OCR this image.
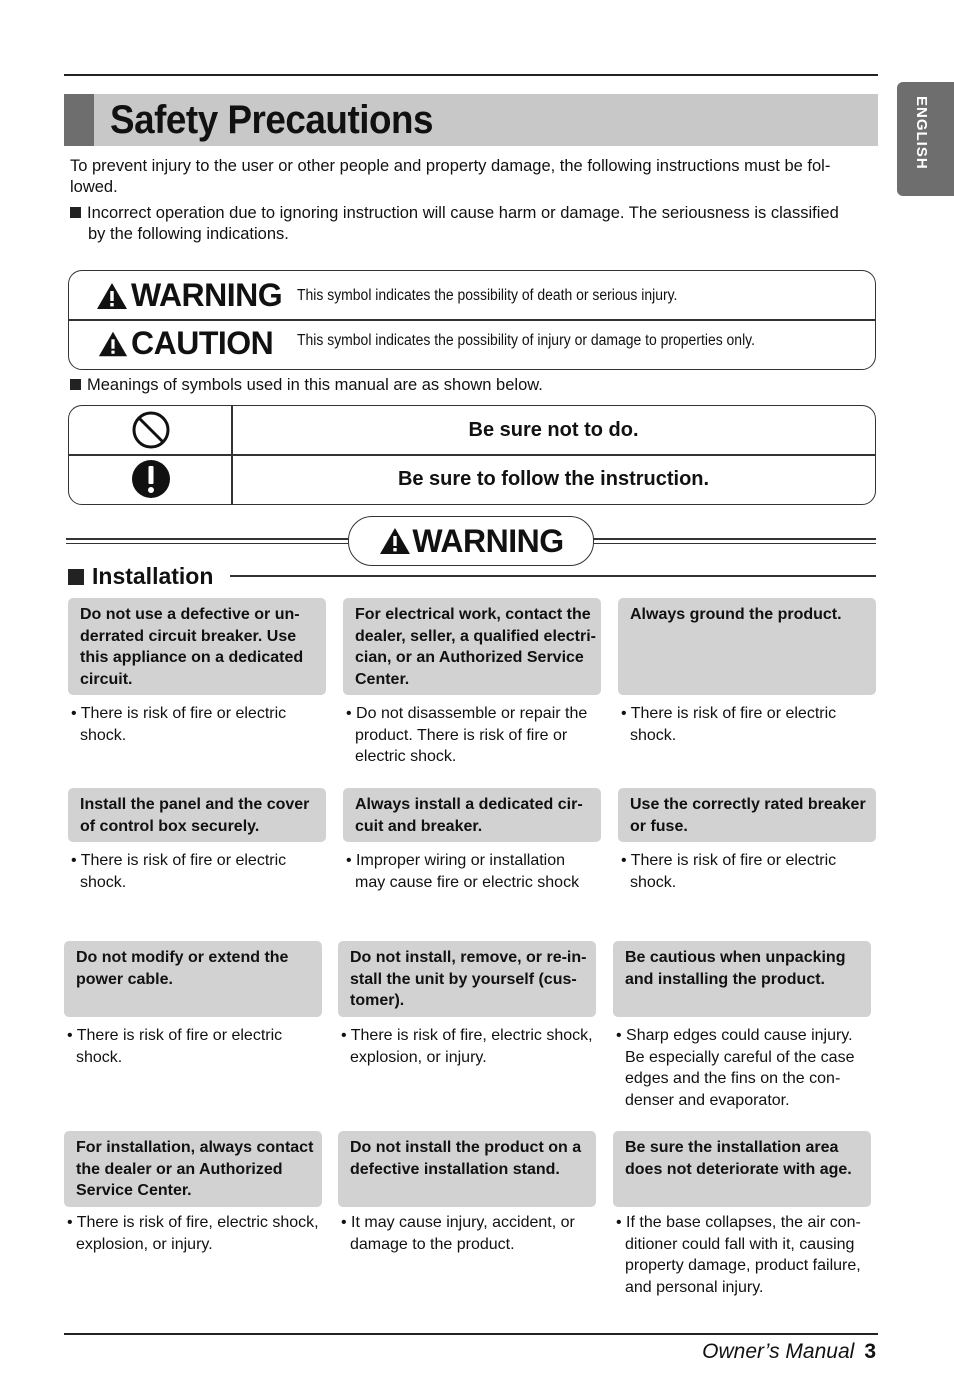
Safety Precautions	ENGLISH
To prevent injury to the user or other people and property damage, the following instructions must be fol-
lowed.
Incorrect operation due to ignoring instruction will cause harm or damage. The seriousness is classified
by the following indications.
WARNING This symbol indicates the possibility of death or serious injury.
CAUTION This symbol indicates the possibility of injury or damage to properties only.
Meanings of symbols used in this manual are as shown below.
Be sure not to do.
Be sure to follow the instruction.
WARNING
Installation
Do not use a defective or un-
derrated circuit breaker. Use
this appliance on a dedicated
circuit.
• There is risk of fire or electric
shock.
For electrical work, contact the
dealer, seller, a qualified electri-
cian, or an Authorized Service
Center.
• Do not disassemble or repair the
product. There is risk of fire or
electric shock.
Always ground the product.
• There is risk of fire or electric
shock.
Install the panel and the cover
of control box securely.
• There is risk of fire or electric
shock.
Always install a dedicated cir-
cuit and breaker.
• Improper wiring or installation
may cause fire or electric shock
Use the correctly rated breaker
or fuse.
• There is risk of fire or electric
shock.
Do not modify or extend the
power cable.
• There is risk of fire or electric
shock.
Do not install, remove, or re-in-
stall the unit by yourself (cus-
tomer).
• There is risk of fire, electric shock,
explosion, or injury.
Be cautious when unpacking
and installing the product.
• Sharp edges could cause injury.
Be especially careful of the case
edges and the fins on the con-
denser and evaporator.
For installation, always contact
the dealer or an Authorized
Service Center.
• There is risk of fire, electric shock,
explosion, or injury.
Do not install the product on a
defective installation stand.
• It may cause injury, accident, or
damage to the product.
Be sure the installation area
does not deteriorate with age.
• If the base collapses, the air con-
ditioner could fall with it, causing
property damage, product failure,
and personal injury.
Owner’s Manual 3
